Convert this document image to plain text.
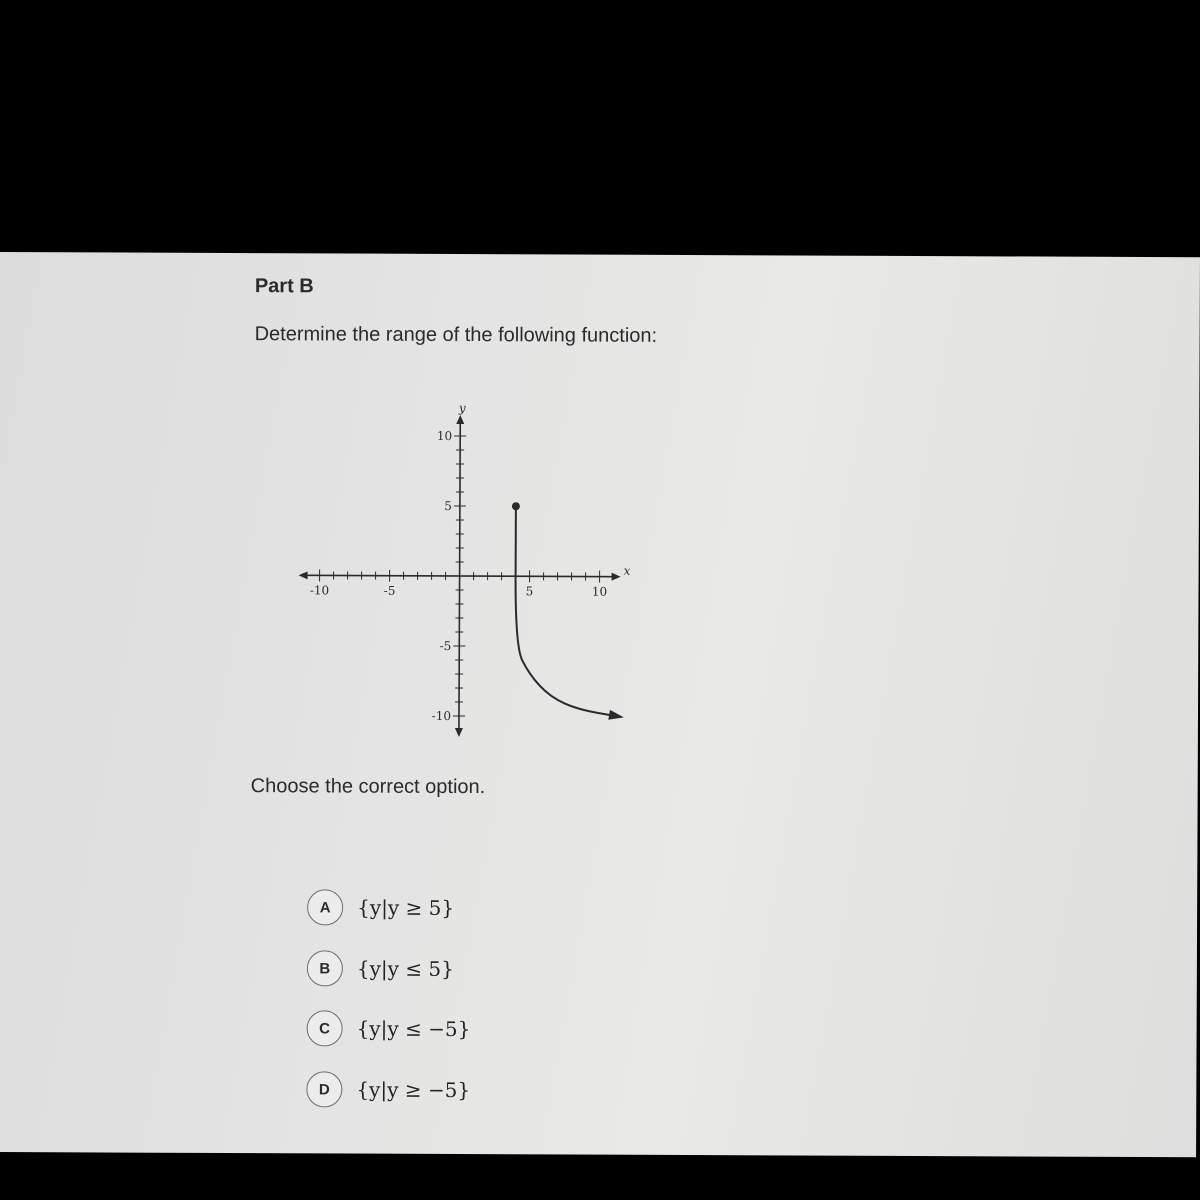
Part B
Determine the range of the following function:
-10	-5	5	10
10
5
-5
-10
x
y
Choose the correct option.
A	{y|y ≥ 5}
B	{y|y ≤ 5}
C	{y|y ≤ −5}
D	{y|y ≥ −5}
